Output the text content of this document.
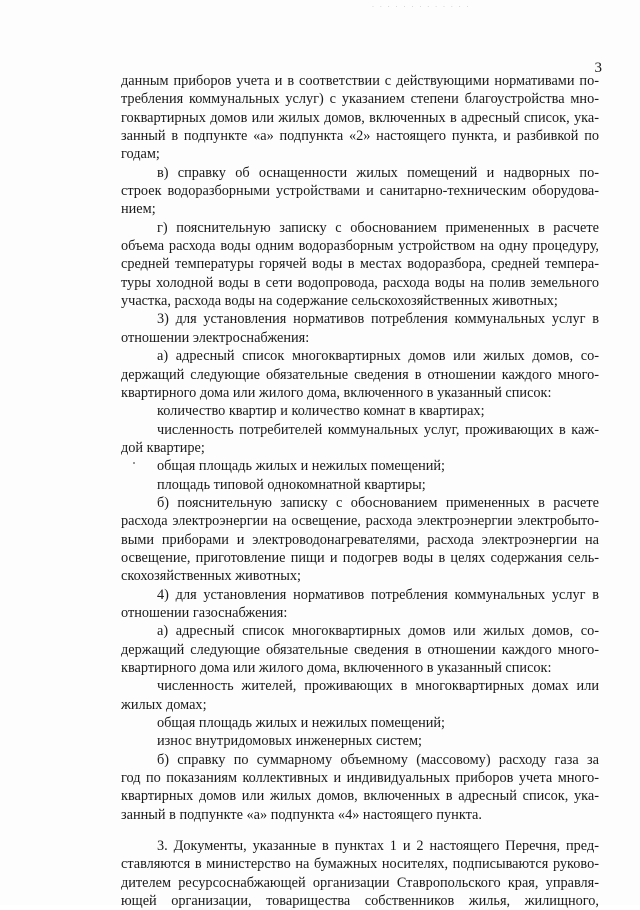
. . . . . . . . . . . . .
3
данным приборов учета и в соответствии с действующими нормативами по-
требления коммунальных услуг) с указанием степени благоустройства мно-
гоквартирных домов или жилых домов, включенных в адресный список, ука-
занный в подпункте «а» подпункта «2» настоящего пункта, и разбивкой по
годам;
в) справку об оснащенности жилых помещений и надворных по-
строек водоразборными устройствами и санитарно-техническим оборудова-
нием;
г) пояснительную записку с обоснованием примененных в расчете
объема расхода воды одним водоразборным устройством на одну процедуру,
средней температуры горячей воды в местах водоразбора, средней темпера-
туры холодной воды в сети водопровода, расхода воды на полив земельного
участка, расхода воды на содержание сельскохозяйственных животных;
3) для установления нормативов потребления коммунальных услуг в
отношении электроснабжения:
а) адресный список многоквартирных домов или жилых домов, со-
держащий следующие обязательные сведения в отношении каждого много-
квартирного дома или жилого дома, включенного в указанный список:
количество квартир и количество комнат в квартирах;
численность потребителей коммунальных услуг, проживающих в каж-
дой квартире;
общая площадь жилых и нежилых помещений;
площадь типовой однокомнатной квартиры;
б) пояснительную записку с обоснованием примененных в расчете
расхода электроэнергии на освещение, расхода электроэнергии электробыто-
выми приборами и электроводонагревателями, расхода электроэнергии на
освещение, приготовление пищи и подогрев воды в целях содержания сель-
скохозяйственных животных;
4) для установления нормативов потребления коммунальных услуг в
отношении газоснабжения:
а) адресный список многоквартирных домов или жилых домов, со-
держащий следующие обязательные сведения в отношении каждого много-
квартирного дома или жилого дома, включенного в указанный список:
численность жителей, проживающих в многоквартирных домах или
жилых домах;
общая площадь жилых и нежилых помещений;
износ внутридомовых инженерных систем;
б) справку по суммарному объемному (массовому) расходу газа за
год по показаниям коллективных и индивидуальных приборов учета много-
квартирных домов или жилых домов, включенных в адресный список, ука-
занный в подпункте «а» подпункта «4» настоящего пункта.
3. Документы, указанные в пунктах 1 и 2 настоящего Перечня, пред-
ставляются в министерство на бумажных носителях, подписываются руково-
дителем ресурсоснабжающей организации Ставропольского края, управля-
ющей организации, товарищества собственников жилья, жилищного,
